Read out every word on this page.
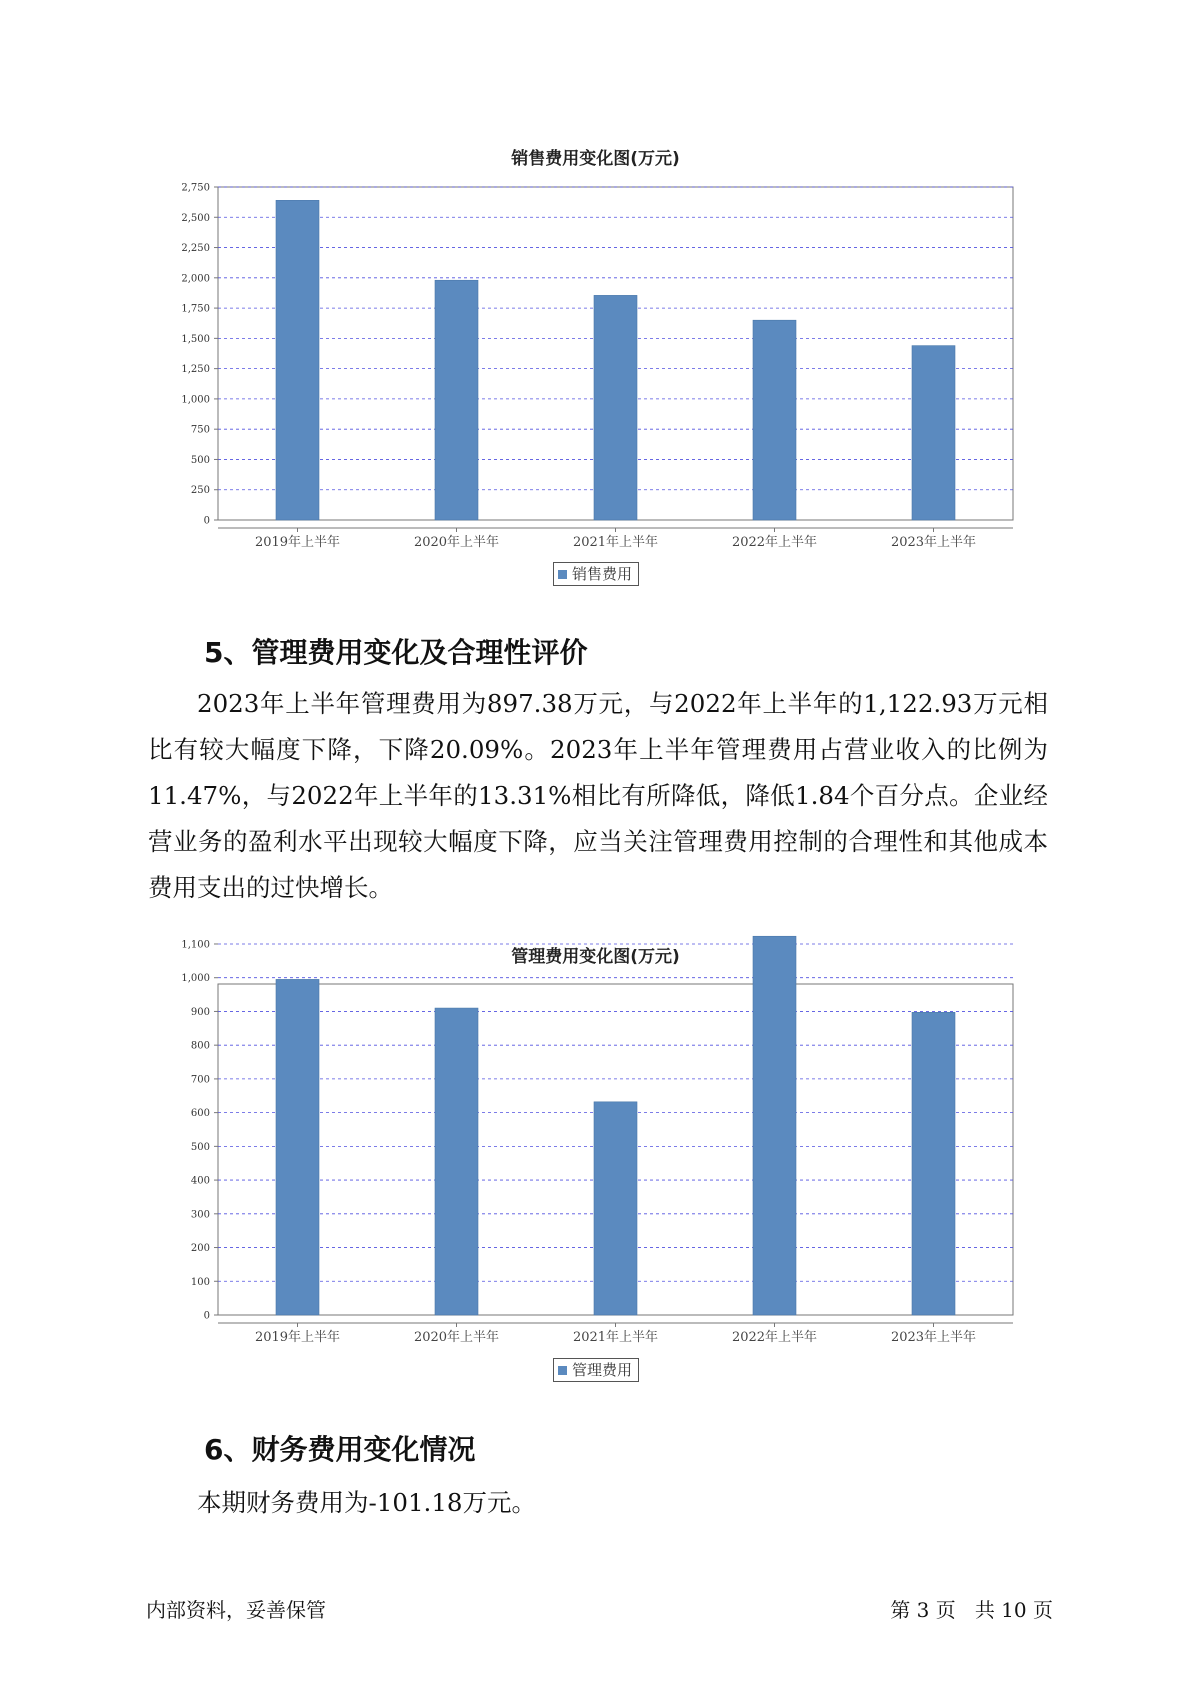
销售费用变化图(万元)
0
250
500
750
1,000
1,250
1,500
1,750
2,000
2,250
2,500
2,750
2019年上半年	2020年上半年	2021年上半年	2022年上半年	2023年上半年
销售费用
5、管理费用变化及合理性评价

2023年上半年管理费用为897.38万元，与2022年上半年的1,122.93万元相比有较大幅度下降，下降20.09%。2023年上半年管理费用占营业收入的比例为11.47%，与2022年上半年的13.31%相比有所降低，降低1.84个百分点。企业经营业务的盈利水平出现较大幅度下降，应当关注管理费用控制的合理性和其他成本费用支出的过快增长。

管理费用变化图(万元)
0
100
200
300
400
500
600
700
800
900
1,000
1,100
2019年上半年	2020年上半年	2021年上半年	2022年上半年	2023年上半年
管理费用
6、财务费用变化情况

本期财务费用为-101.18万元。

内部资料，妥善保管	第 3 页   共 10 页
